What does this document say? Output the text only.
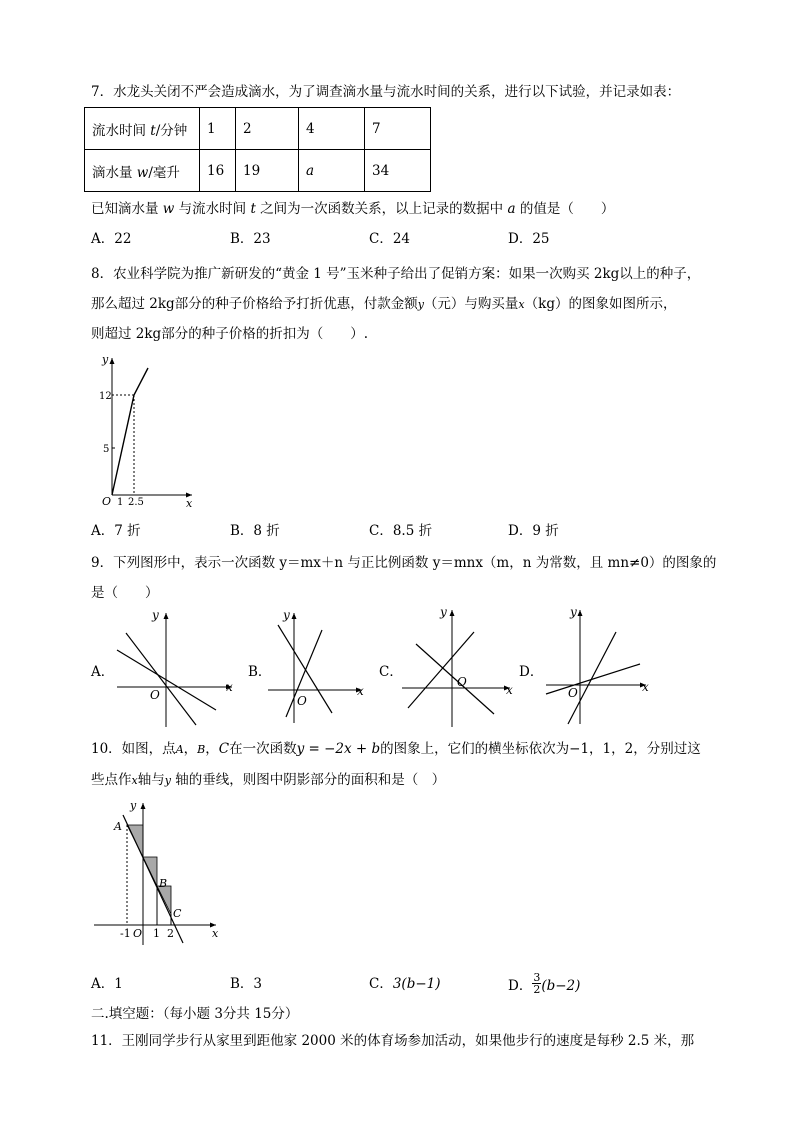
7．水龙头关闭不严会造成滴水，为了调查滴水量与流水时间的关系，进行以下试验，并记录如表：
流水时间 t/分钟	1	2	4	7
滴水量 w/毫升	16	19	a	34
已知滴水量 w 与流水时间 t 之间为一次函数关系，以上记录的数据中 a 的值是（　　）
A．22	B．23	C．24	D．25
8．农业科学院为推广新研发的“黄金 1 号”玉米种子给出了促销方案：如果一次购买 2kg以上的种子，
那么超过 2kg部分的种子价格给予打折优惠，付款金额y（元）与购买量x（kg）的图象如图所示，
则超过 2kg部分的种子价格的折扣为（　　）.
y
x
O
12
5
1 2.5
A．7 折	B．8 折	C．8.5 折	D．9 折
9．下列图形中，表示一次函数 y＝mx＋n 与正比例函数 y＝mnx（m，n 为常数，且 mn≠0）的图象的
是（　　）
A．
y
x
O
B．
y
x
O
C．
y
x
O
D．
y
x
O
10．如图，点A，B，C在一次函数y = −2x + b的图象上，它们的横坐标依次为−1，1，2，分别过这
些点作x轴与y 轴的垂线，则图中阴影部分的面积和是（　）
y
x
A
B
C
-1 O 1 2
A．1	B．3	C．3(b−1)	D． $\frac{3}{2} (b-2)$
二.填空题：（每小题 3分共 15分）
11．王刚同学步行从家里到距他家 2000 米的体育场参加活动，如果他步行的速度是每秒 2.5 米，那
